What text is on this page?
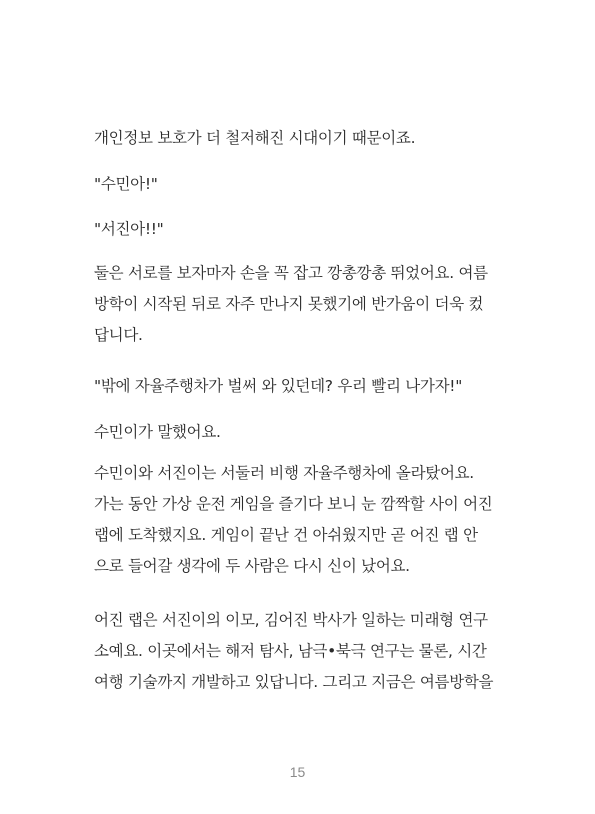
개인정보 보호가 더 철저해진 시대이기 때문이죠.

"수민아!"

"서진아!!"

둘은 서로를 보자마자 손을 꼭 잡고 깡총깡총 뛰었어요. 여름
방학이 시작된 뒤로 자주 만나지 못했기에 반가움이 더욱 컸
답니다.

"밖에 자율주행차가 벌써 와 있던데? 우리 빨리 나가자!"

수민이가 말했어요.

수민이와 서진이는 서둘러 비행 자율주행차에 올라탔어요.
가는 동안 가상 운전 게임을 즐기다 보니 눈 깜짝할 사이 어진
랩에 도착했지요. 게임이 끝난 건 아쉬웠지만 곧 어진 랩 안
으로 들어갈 생각에 두 사람은 다시 신이 났어요.

어진 랩은 서진이의 이모, 김어진 박사가 일하는 미래형 연구
소예요. 이곳에서는 해저 탐사, 남극•북극 연구는 물론, 시간
여행 기술까지 개발하고 있답니다. 그리고 지금은 여름방학을

15
